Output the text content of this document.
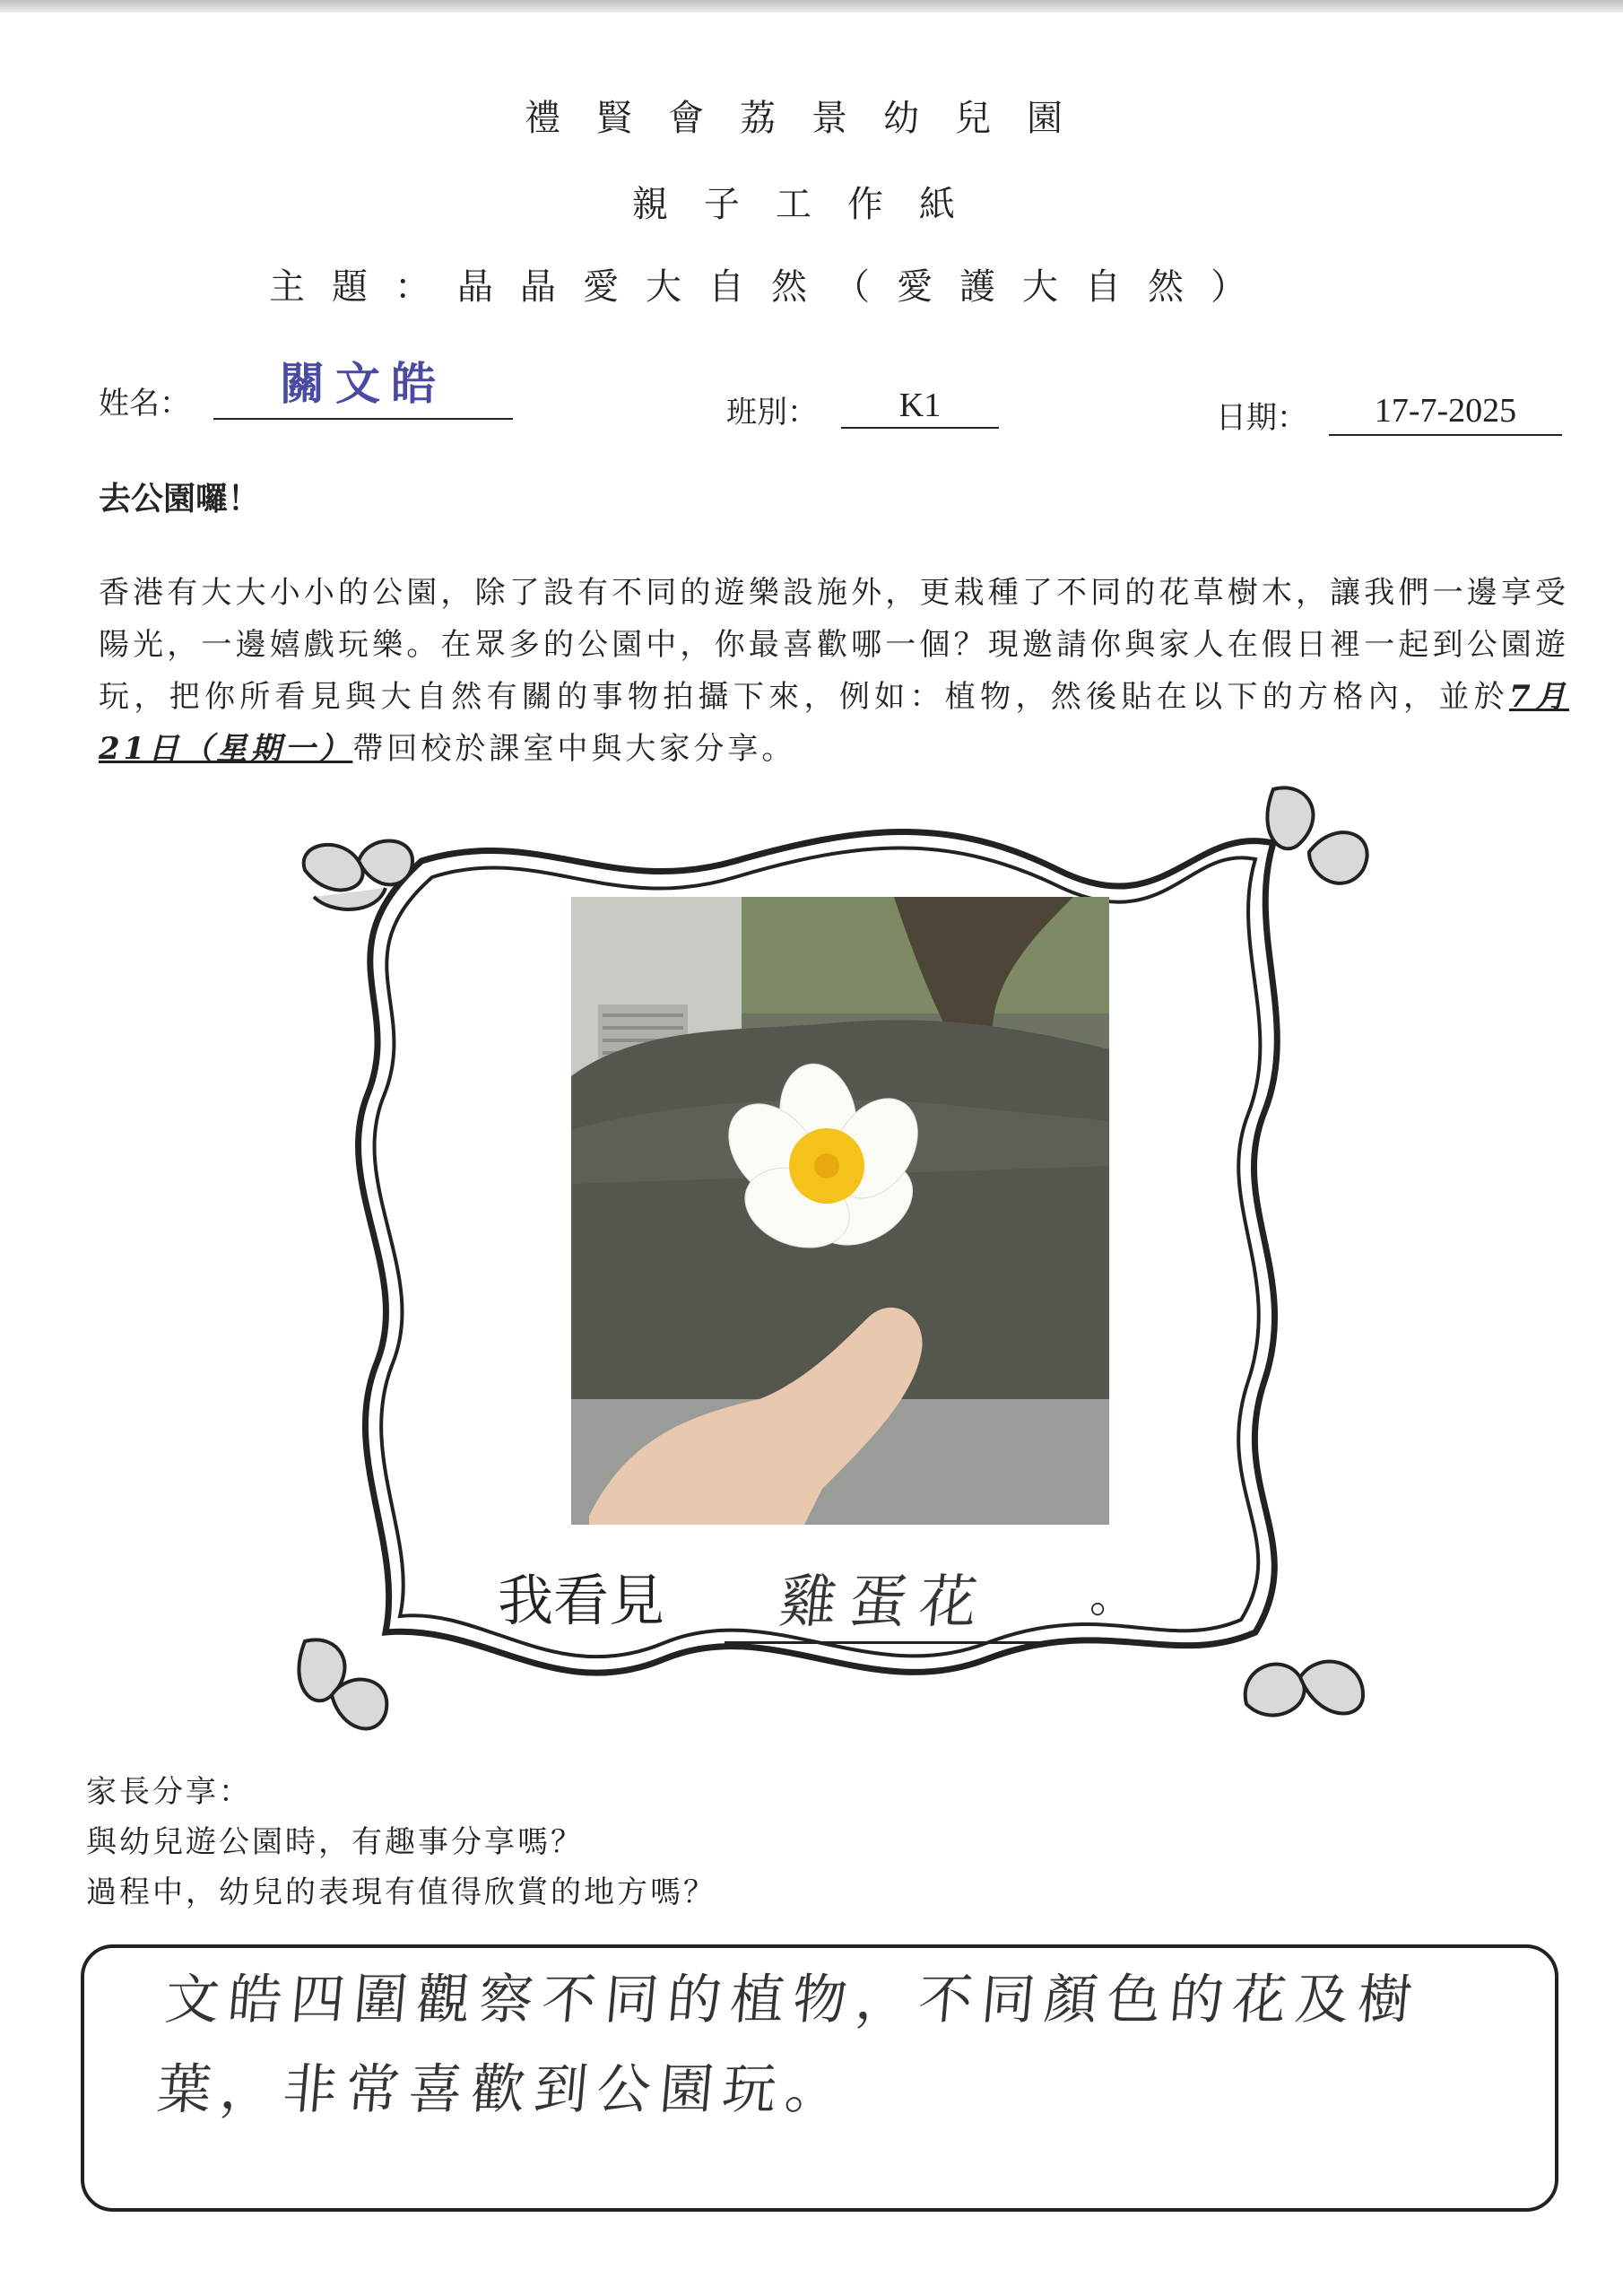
禮賢會荔景幼兒園
親子工作紙
主題：晶晶愛大自然（愛護大自然）
姓名：	關文皓
班別：	K1	日期：	17-7-2025
去公園囉！
香港有大大小小的公園，除了設有不同的遊樂設施外，更栽種了不同的花草樹木，讓我們一邊享受陽光，一邊嬉戲玩樂。在眾多的公園中，你最喜歡哪一個？現邀請你與家人在假日裡一起到公園遊玩，把你所看見與大自然有關的事物拍攝下來，例如：植物，然後貼在以下的方格內，並於7月21日（星期一）帶回校於課室中與大家分享。
我看見 雞蛋花 。
家長分享：
與幼兒遊公園時，有趣事分享嗎？
過程中，幼兒的表現有值得欣賞的地方嗎？
文皓四圍觀察不同的植物，不同顏色的花及樹
葉，非常喜歡到公園玩。
